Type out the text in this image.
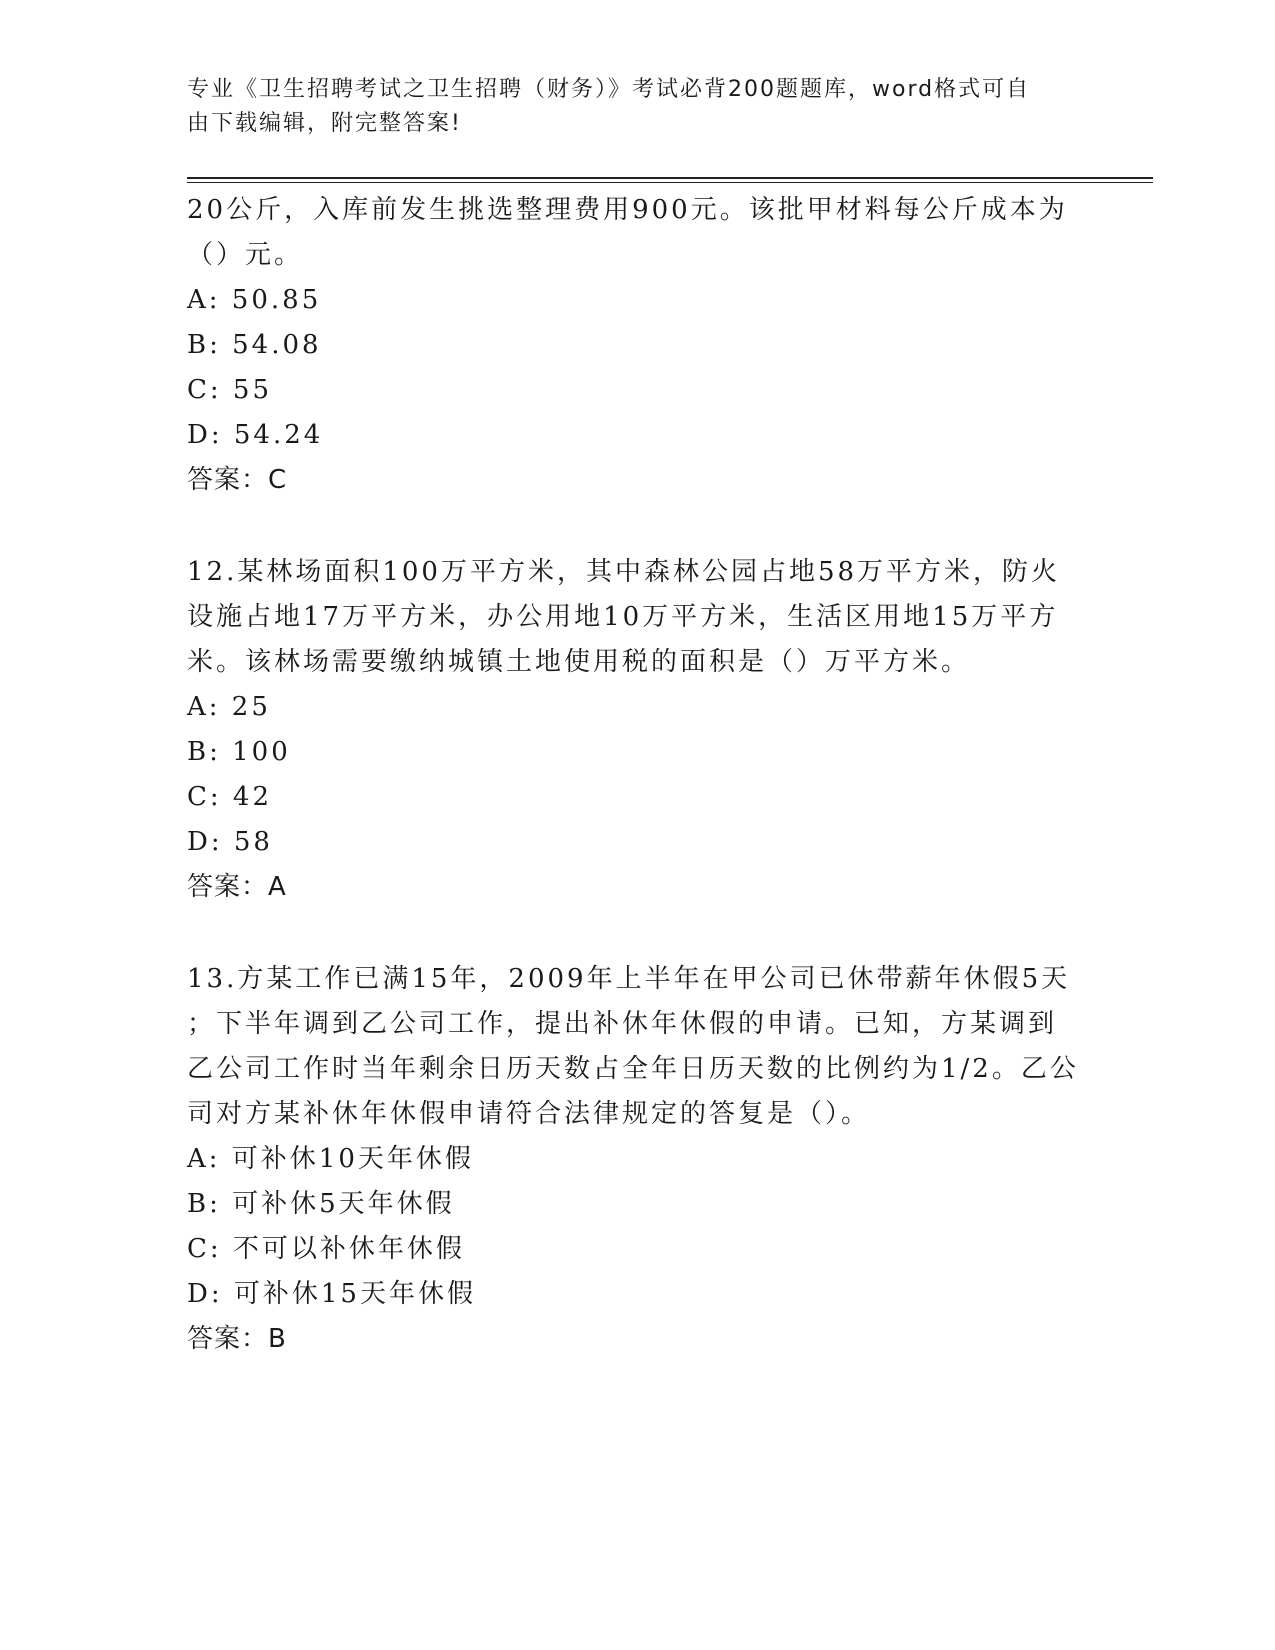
专业《卫生招聘考试之卫生招聘（财务）》考试必背200题题库，word格式可自
由下载编辑，附完整答案!

20公斤，入库前发生挑选整理费用900元。该批甲材料每公斤成本为

（）元。

A: 50.85

B: 54.08

C: 55

D: 54.24

答案：C

12.某林场面积100万平方米，其中森林公园占地58万平方米，防火

设施占地17万平方米，办公用地10万平方米，生活区用地15万平方

米。该林场需要缴纳城镇土地使用税的面积是（）万平方米。

A: 25

B: 100

C: 42

D: 58

答案：A

13.方某工作已满15年，2009年上半年在甲公司已休带薪年休假5天

；下半年调到乙公司工作，提出补休年休假的申请。已知，方某调到

乙公司工作时当年剩余日历天数占全年日历天数的比例约为1/2。乙公

司对方某补休年休假申请符合法律规定的答复是（）。

A: 可补休10天年休假

B: 可补休5天年休假

C: 不可以补休年休假

D: 可补休15天年休假

答案：B
